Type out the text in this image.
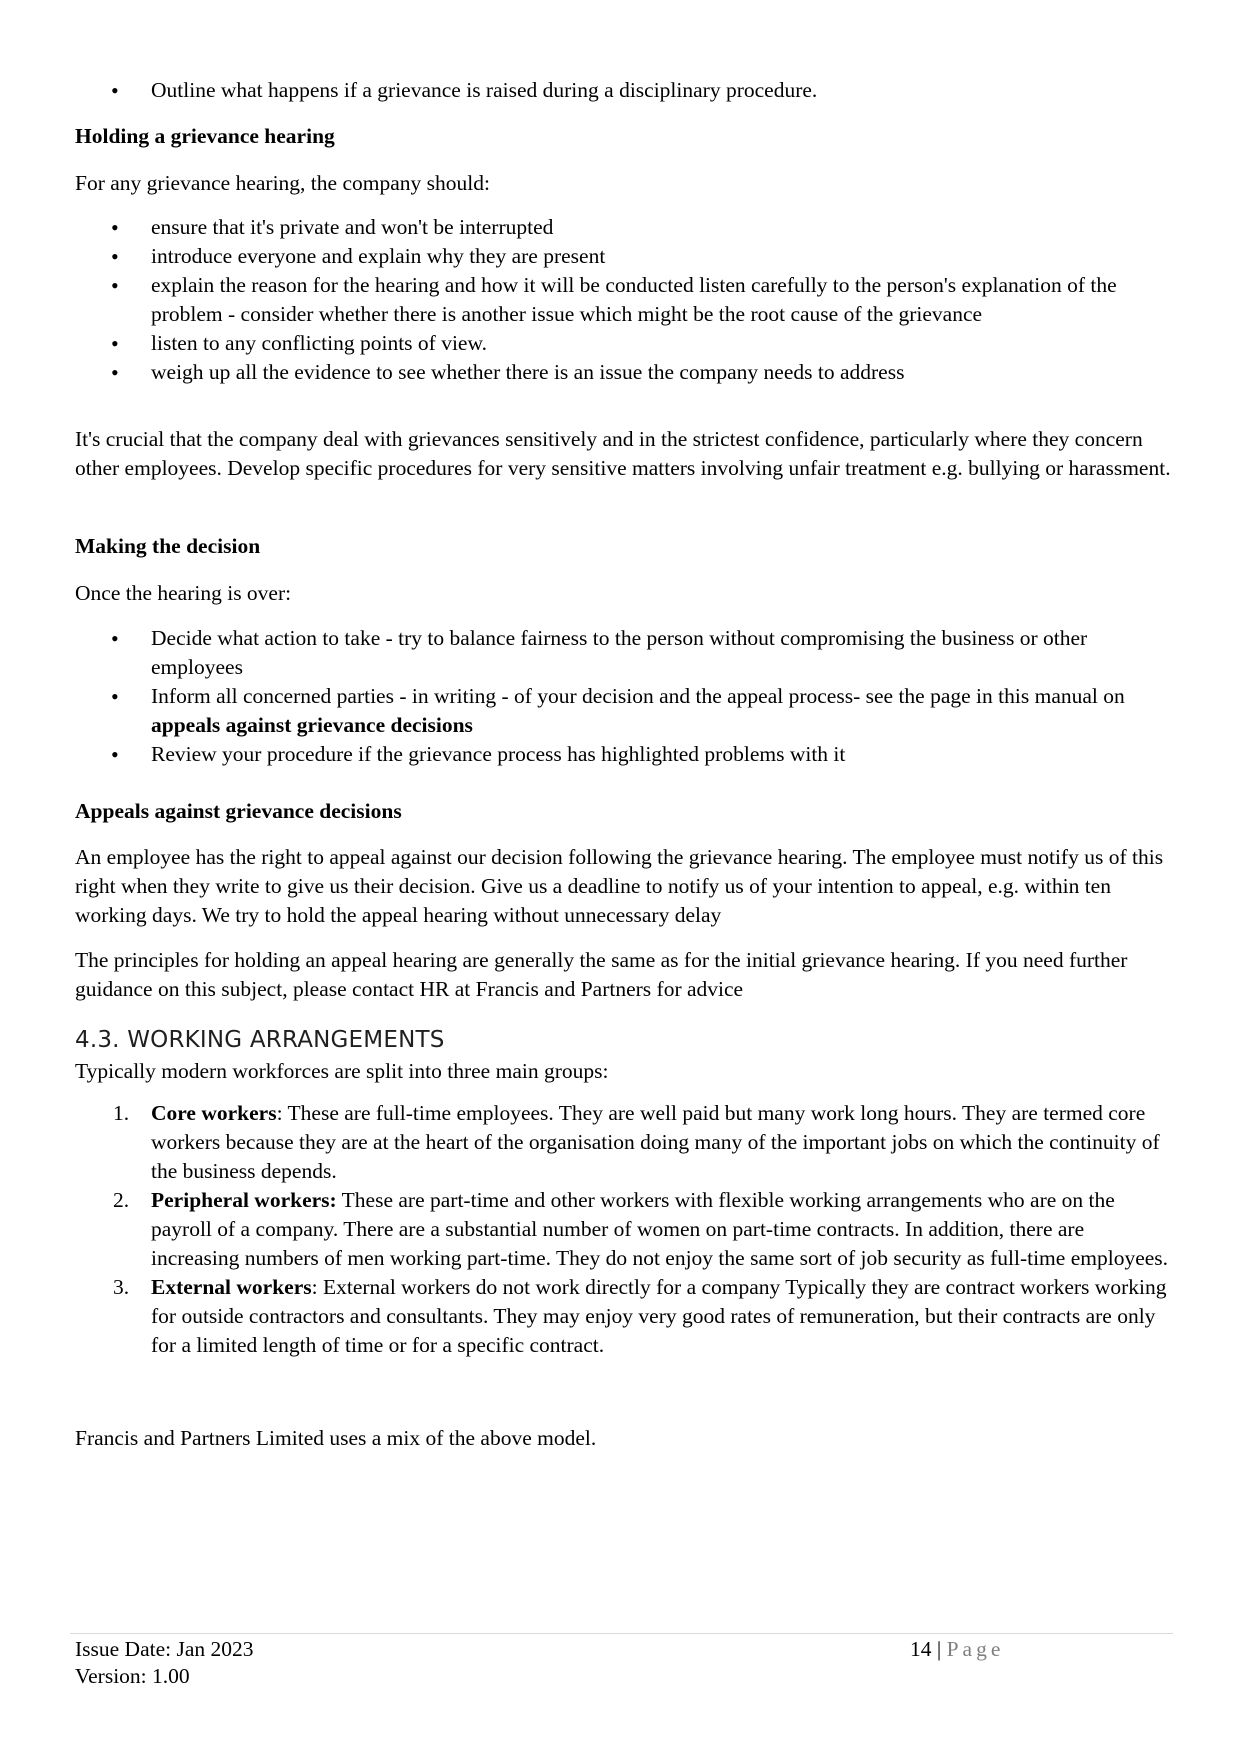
• Outline what happens if a grievance is raised during a disciplinary procedure.
Holding a grievance hearing
For any grievance hearing, the company should:
• ensure that it's private and won't be interrupted
• introduce everyone and explain why they are present
• explain the reason for the hearing and how it will be conducted listen carefully to the person's explanation of the problem - consider whether there is another issue which might be the root cause of the grievance
• listen to any conflicting points of view.
• weigh up all the evidence to see whether there is an issue the company needs to address
It's crucial that the company deal with grievances sensitively and in the strictest confidence, particularly where they concern other employees. Develop specific procedures for very sensitive matters involving unfair treatment e.g. bullying or harassment.
Making the decision
Once the hearing is over:
• Decide what action to take - try to balance fairness to the person without compromising the business or other employees
• Inform all concerned parties - in writing - of your decision and the appeal process- see the page in this manual on appeals against grievance decisions
• Review your procedure if the grievance process has highlighted problems with it
Appeals against grievance decisions
An employee has the right to appeal against our decision following the grievance hearing. The employee must notify us of this right when they write to give us their decision. Give us a deadline to notify us of your intention to appeal, e.g. within ten working days. We try to hold the appeal hearing without unnecessary delay
The principles for holding an appeal hearing are generally the same as for the initial grievance hearing. If you need further guidance on this subject, please contact HR at Francis and Partners for advice
4.3. WORKING ARRANGEMENTS
Typically modern workforces are split into three main groups:
1. Core workers: These are full-time employees. They are well paid but many work long hours. They are termed core workers because they are at the heart of the organisation doing many of the important jobs on which the continuity of the business depends.
2. Peripheral workers: These are part-time and other workers with flexible working arrangements who are on the payroll of a company. There are a substantial number of women on part-time contracts. In addition, there are increasing numbers of men working part-time. They do not enjoy the same sort of job security as full-time employees.
3. External workers: External workers do not work directly for a company Typically they are contract workers working for outside contractors and consultants. They may enjoy very good rates of remuneration, but their contracts are only for a limited length of time or for a specific contract.
Francis and Partners Limited uses a mix of the above model.
Issue Date: Jan 2023
Version: 1.00
14 | Page
